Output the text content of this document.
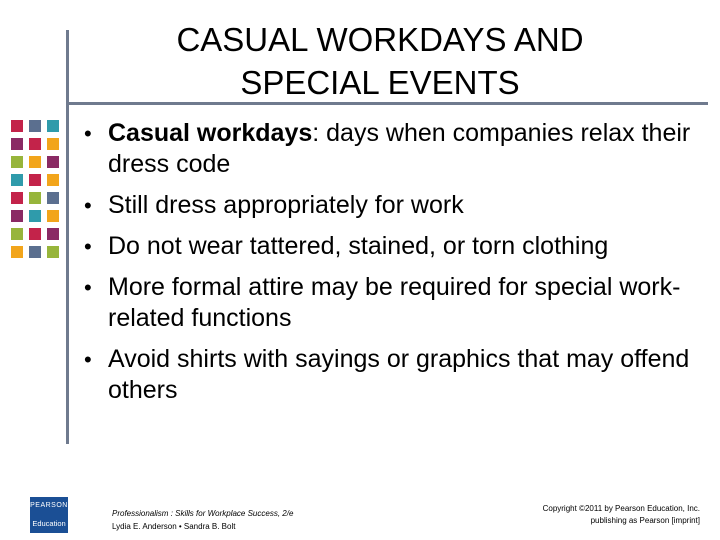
CASUAL WORKDAYS AND
SPECIAL EVENTS
• Casual workdays: days when companies relax their dress code
• Still dress appropriately for work
• Do not wear tattered, stained, or torn clothing
• More formal attire may be required for special work-related functions
• Avoid shirts with sayings or graphics that may offend others
PEARSON
Education
Professionalism : Skills for Workplace Success, 2/e
Lydia E. Anderson • Sandra B. Bolt
Copyright ©2011 by Pearson Education, Inc.
publishing as Pearson [imprint]
